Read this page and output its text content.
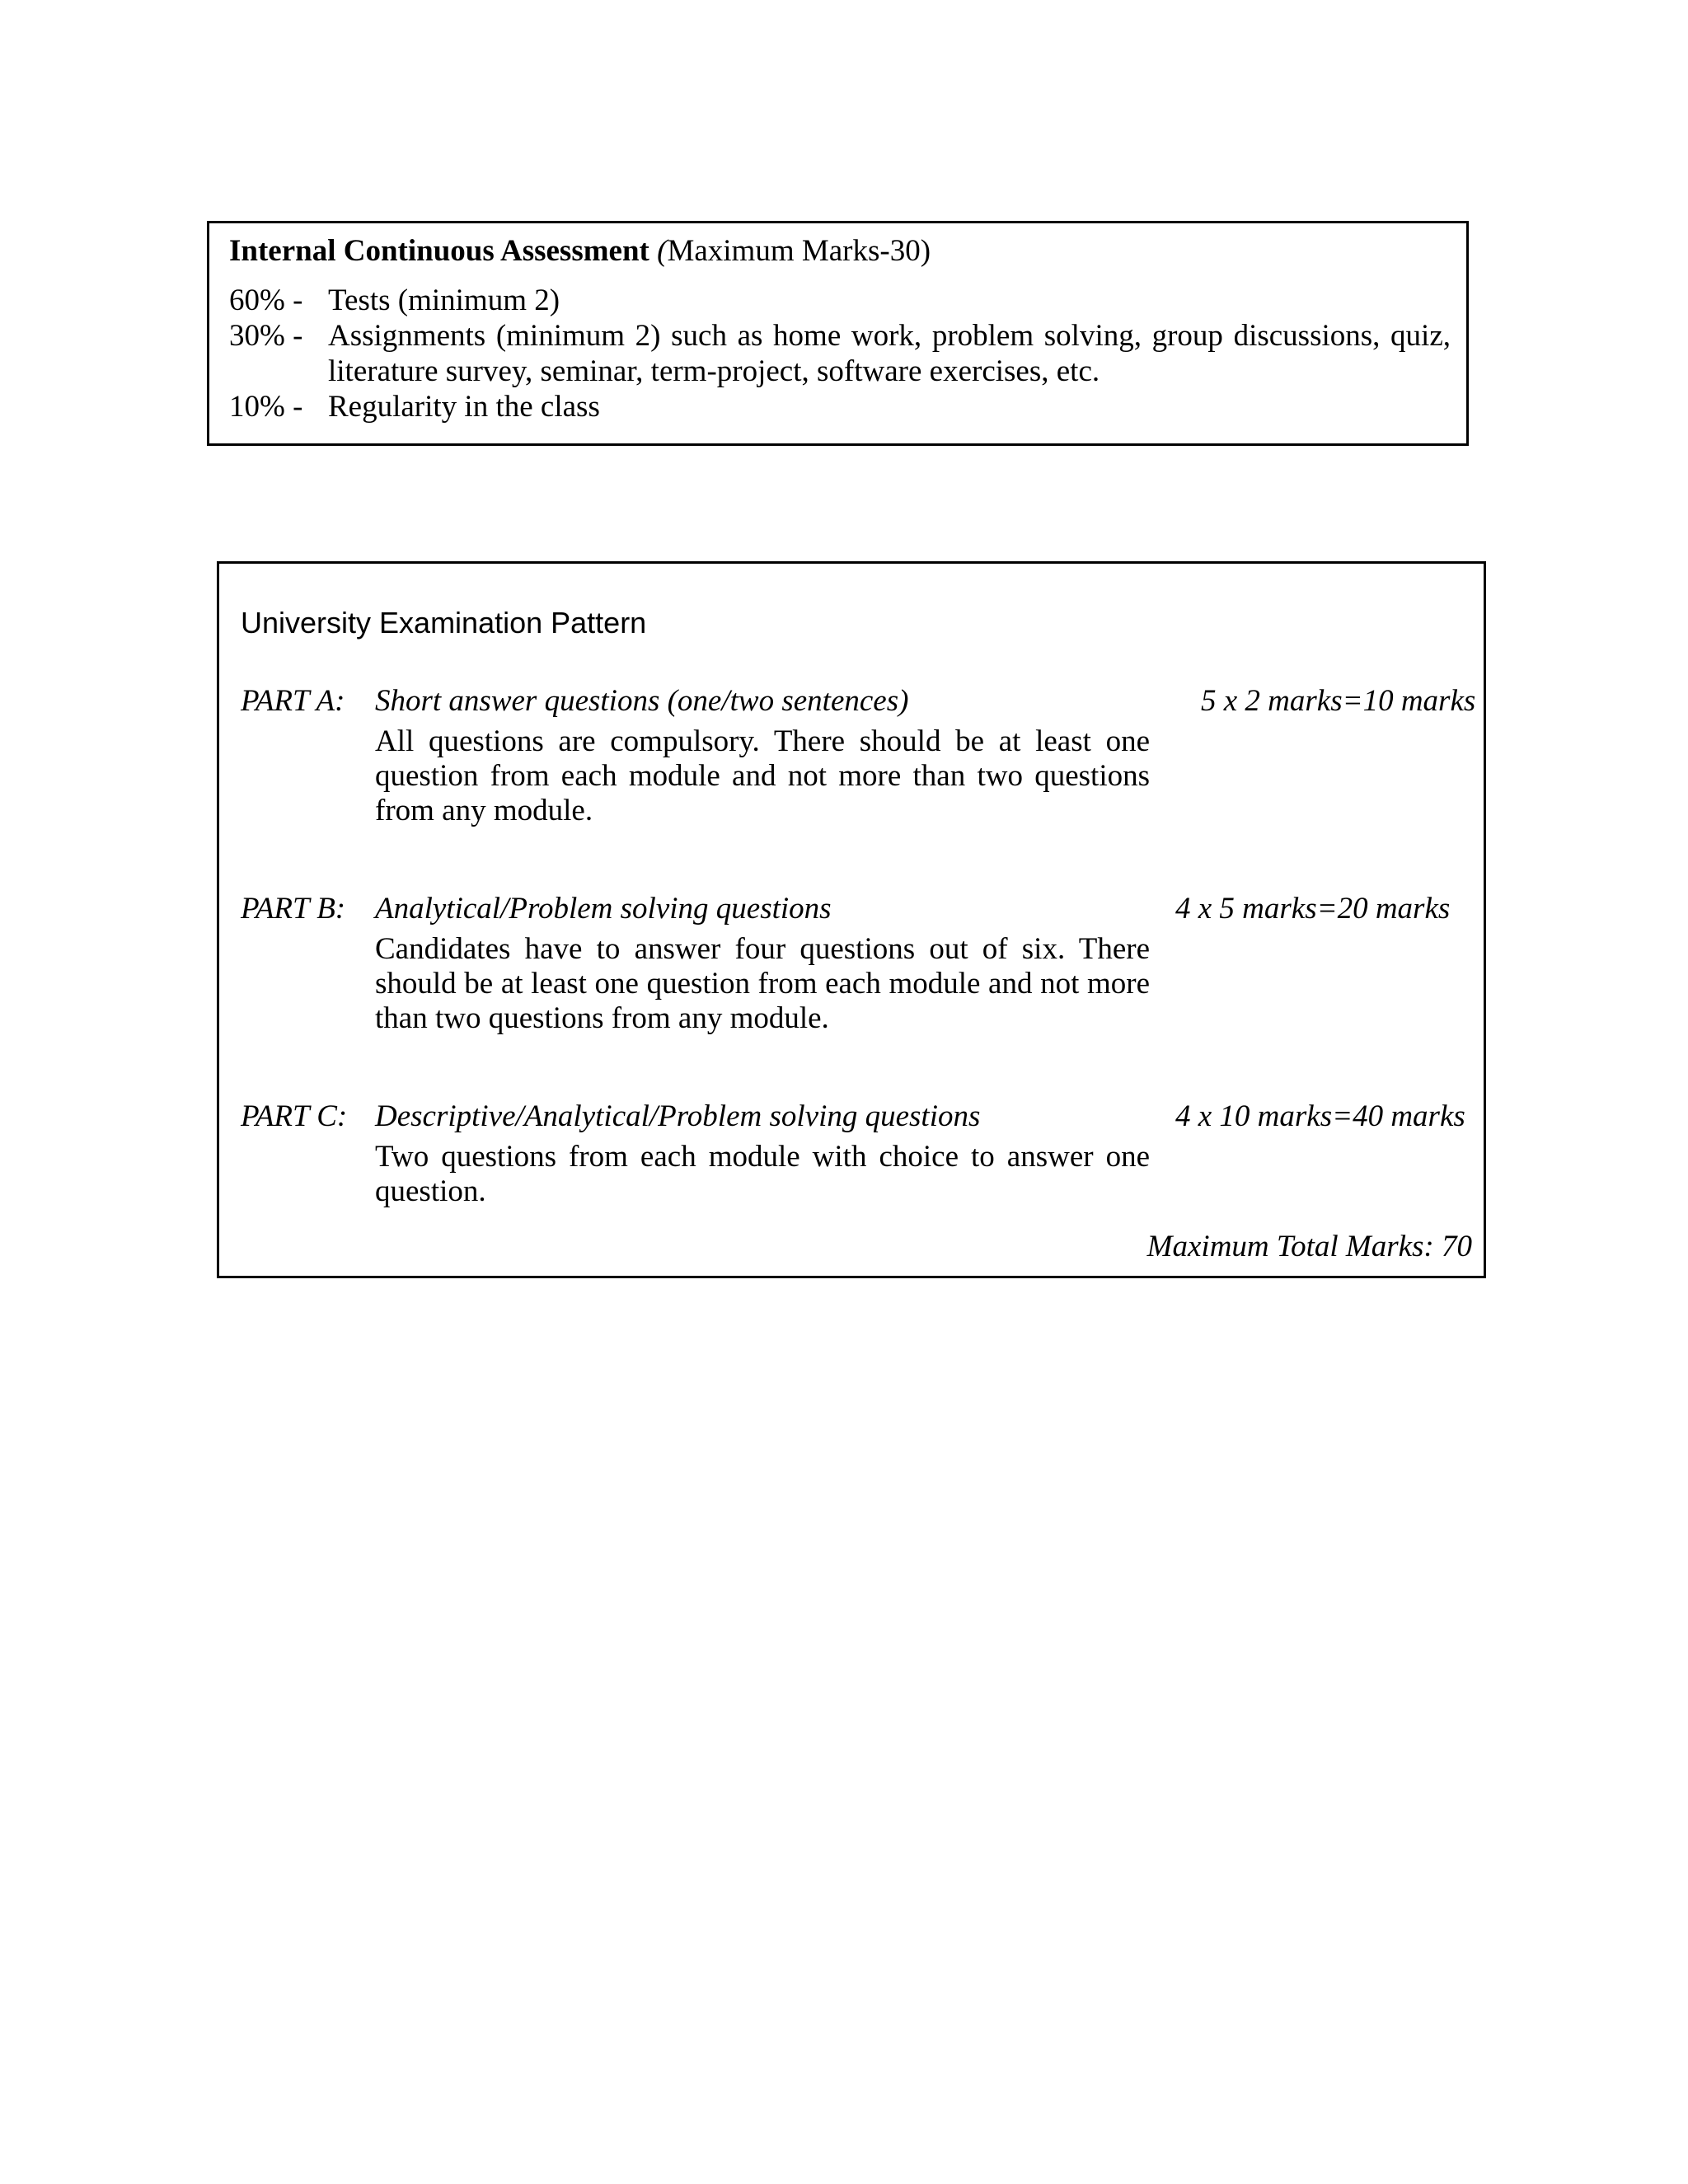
Internal Continuous Assessment (Maximum Marks-30)
60% - Tests (minimum 2)
30% - Assignments (minimum 2) such as home work, problem solving, group discussions, quiz, literature survey, seminar, term-project, software exercises, etc.
10% - Regularity in the class
University Examination Pattern
PART A: Short answer questions (one/two sentences)	5 x 2 marks=10 marks
All questions are compulsory. There should be at least one question from each module and not more than two questions from any module.
PART B: Analytical/Problem solving questions	4 x 5 marks=20 marks
Candidates have to answer four questions out of six. There should be at least one question from each module and not more than two questions from any module.
PART C: Descriptive/Analytical/Problem solving questions	4 x 10 marks=40 marks
Two questions from each module with choice to answer one question.
Maximum Total Marks: 70
